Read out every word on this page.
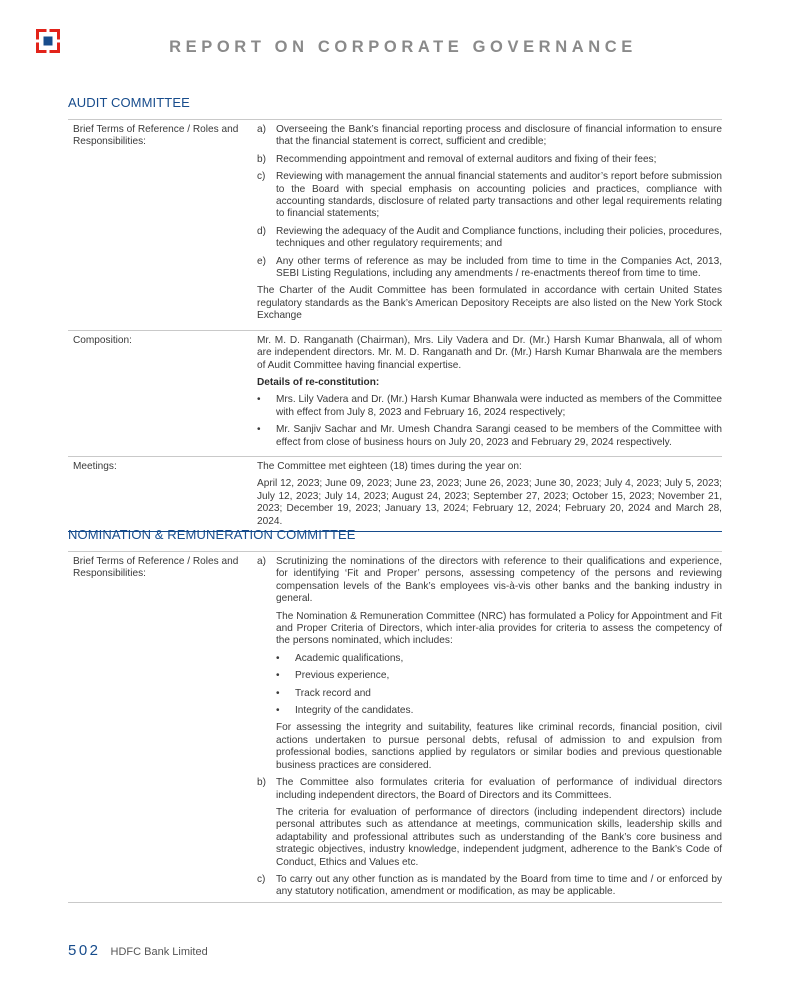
REPORT ON CORPORATE GOVERNANCE
AUDIT COMMITTEE
Brief Terms of Reference / Roles and Responsibilities:
a) Overseeing the Bank’s financial reporting process and disclosure of financial information to ensure that the financial statement is correct, sufficient and credible;
b) Recommending appointment and removal of external auditors and fixing of their fees;
c)	Reviewing with management the annual financial statements and auditor’s report before submission to the Board with special emphasis on accounting policies and practices, compliance with accounting standards, disclosure of related party transactions and other legal requirements relating to financial statements;
d) Reviewing the adequacy of the Audit and Compliance functions, including their policies, procedures, techniques and other regulatory requirements; and
e) Any other terms of reference as may be included from time to time in the Companies Act, 2013, SEBI Listing Regulations, including any amendments / re-enactments thereof from time to time.
The Charter of the Audit Committee has been formulated in accordance with certain United States regulatory standards as the Bank’s American Depository Receipts are also listed on the New York Stock Exchange
Composition:	Mr. M. D. Ranganath (Chairman), Mrs. Lily Vadera and Dr. (Mr.) Harsh Kumar Bhanwala, all of whom are independent directors. Mr. M. D. Ranganath and Dr. (Mr.) Harsh Kumar Bhanwala are the members of Audit Committee having financial expertise.
Details of re-constitution:
•	Mrs. Lily Vadera and Dr. (Mr.) Harsh Kumar Bhanwala were inducted as members of the Committee with effect from July 8, 2023 and February 16, 2024 respectively;
•	Mr. Sanjiv Sachar and Mr. Umesh Chandra Sarangi ceased to be members of the Committee with effect from close of business hours on July 20, 2023 and February 29, 2024 respectively.
Meetings:	The Committee met eighteen (18) times during the year on:
April 12, 2023; June 09, 2023; June 23, 2023; June 26, 2023; June 30, 2023; July 4, 2023; July 5, 2023; July 12, 2023; July 14, 2023; August 24, 2023; September 27, 2023; October 15, 2023; November 21, 2023; December 19, 2023; January 13, 2024; February 12, 2024; February 20, 2024 and March 28, 2024.
NOMINATION & REMUNERATION COMMITTEE
Brief Terms of Reference / Roles and Responsibilities:
a) Scrutinizing the nominations of the directors with reference to their qualifications and experience, for identifying ‘Fit and Proper’ persons, assessing competency of the persons and reviewing compensation levels of the Bank’s employees vis-à-vis other banks and the banking industry in general.
The Nomination & Remuneration Committee (NRC) has formulated a Policy for Appointment and Fit and Proper Criteria of Directors, which inter-alia provides for criteria to assess the competency of the persons nominated, which includes:
•	Academic qualifications,
•	Previous experience,
•	Track record and
•	Integrity of the candidates.
For assessing the integrity and suitability, features like criminal records, financial position, civil actions undertaken to pursue personal debts, refusal of admission to and expulsion from professional bodies, sanctions applied by regulators or similar bodies and previous questionable business practices are considered.
b) The Committee also formulates criteria for evaluation of performance of individual directors including independent directors, the Board of Directors and its Committees.
The criteria for evaluation of performance of directors (including independent directors) include personal attributes such as attendance at meetings, communication skills, leadership skills and adaptability and professional attributes such as understanding of the Bank’s core business and strategic objectives, industry knowledge, independent judgment, adherence to the Bank’s Code of Conduct, Ethics and Values etc.
c)	To carry out any other function as is mandated by the Board from time to time and / or enforced by any statutory notification, amendment or modification, as may be applicable.
502 HDFC Bank Limited
